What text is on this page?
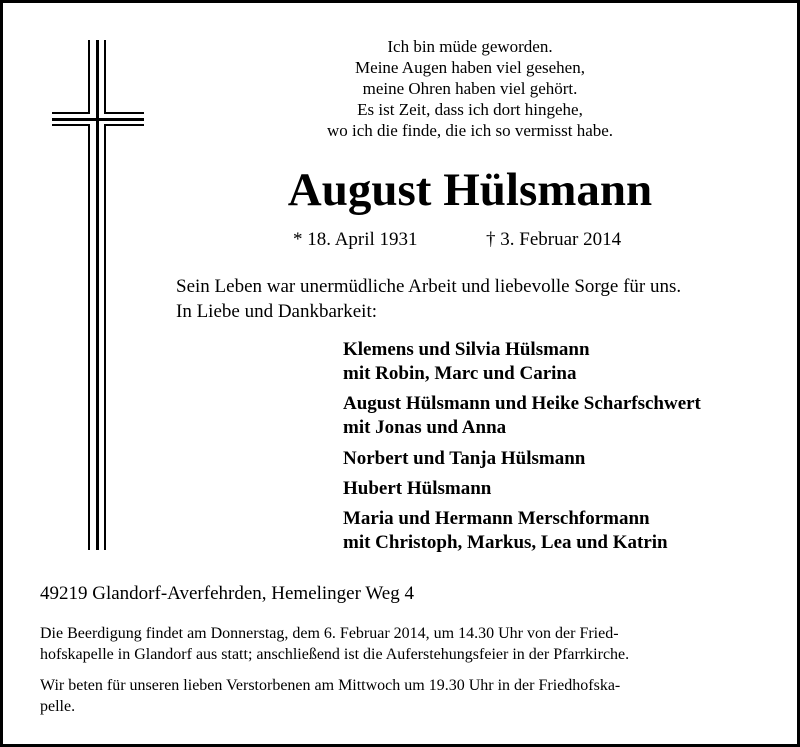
Ich bin müde geworden.
Meine Augen haben viel gesehen,
meine Ohren haben viel gehört.
Es ist Zeit, dass ich dort hingehe,
wo ich die finde, die ich so vermisst habe.
August Hülsmann
* 18. April 1931	† 3. Februar 2014
Sein Leben war unermüdliche Arbeit und liebevolle Sorge für uns.
In Liebe und Dankbarkeit:
Klemens und Silvia Hülsmann
mit Robin, Marc und Carina
August Hülsmann und Heike Scharfschwert
mit Jonas und Anna
Norbert und Tanja Hülsmann
Hubert Hülsmann
Maria und Hermann Merschformann
mit Christoph, Markus, Lea und Katrin
49219 Glandorf-Averfehrden, Hemelinger Weg 4
Die Beerdigung findet am Donnerstag, dem 6. Februar 2014, um 14.30 Uhr von der Fried-
hofskapelle in Glandorf aus statt; anschließend ist die Auferstehungsfeier in der Pfarrkirche.
Wir beten für unseren lieben Verstorbenen am Mittwoch um 19.30 Uhr in der Friedhofska-
pelle.
